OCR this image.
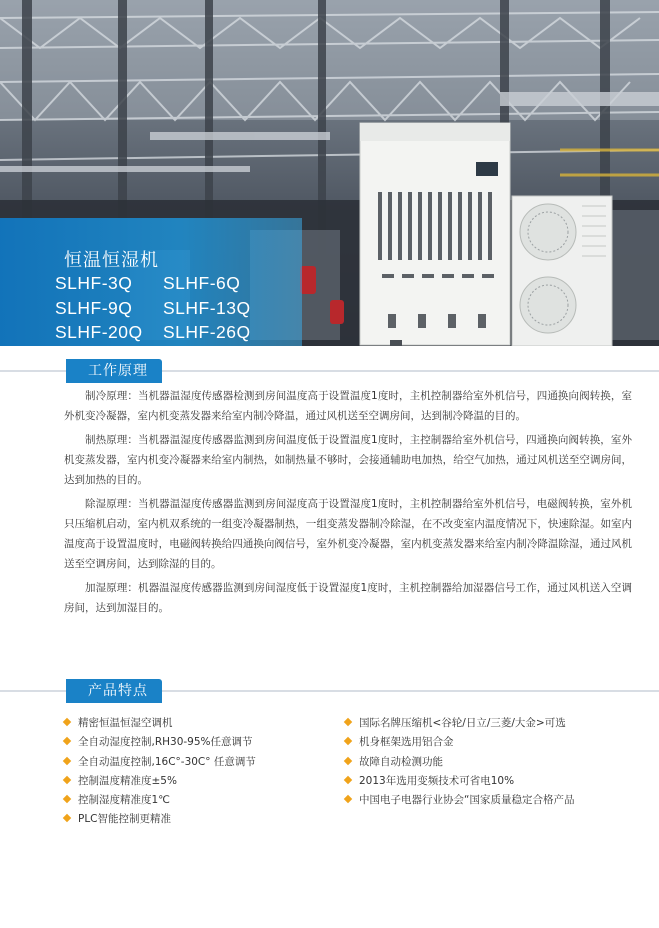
恒温恒湿机
SLHF-3Q SLHF-6Q
SLHF-9Q SLHF-13Q
SLHF-20Q SLHF-26Q
工作原理

制冷原理：当机器温湿度传感器检测到房间温度高于设置温度1度时，主机控制器给室外机信号，四通换向阀转换，室外机变冷凝器，室内机变蒸发器来给室内制冷降温，通过风机送至空调房间，达到制冷降温的目的。

制热原理：当机器温湿度传感器监测到房间温度低于设置温度1度时，主控制器给室外机信号，四通换向阀转换，室外机变蒸发器，室内机变冷凝器来给室内制热，如制热量不够时，会接通辅助电加热，给空气加热，通过风机送至空调房间，达到加热的目的。

除湿原理：当机器温湿度传感器监测到房间湿度高于设置湿度1度时，主机控制器给室外机信号，电磁阀转换，室外机只压缩机启动，室内机双系统的一组变冷凝器制热，一组变蒸发器制冷除湿，在不改变室内温度情况下，快速除湿。如室内温度高于设置温度时，电磁阀转换给四通换向阀信号，室外机变冷凝器，室内机变蒸发器来给室内制冷降温除湿，通过风机送至空调房间，达到除湿的目的。

加湿原理：机器温湿度传感器监测到房间湿度低于设置湿度1度时，主机控制器给加湿器信号工作，通过风机送入空调房间，达到加湿目的。

产品特点
精密恒温恒湿空调机
全自动湿度控制,RH30-95%任意调节
全自动温度控制,16C°-30C° 任意调节
控制温度精准度±5%
控制湿度精准度1℃
PLC智能控制更精准
国际名牌压缩机<谷轮/日立/三菱/大金>可选
机身框架选用铝合金
故障自动检测功能
2013年选用变频技术可省电10%
中国电子电器行业协会“国家质量稳定合格产品
